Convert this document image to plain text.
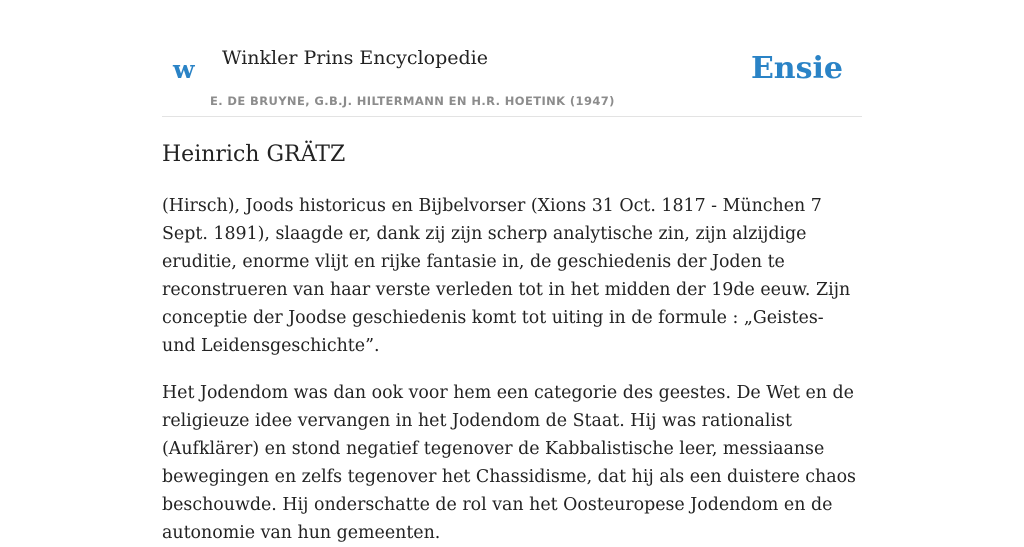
w Winkler Prins Encyclopedie
E. DE BRUYNE, G.B.J. HILTERMANN EN H.R. HOETINK (1947)
Ensie
Heinrich GRÄTZ

(Hirsch), Joods historicus en Bijbelvorser (Xions 31 Oct. 1817 - München 7 Sept. 1891), slaagde er, dank zij zijn scherp analytische zin, zijn alzijdige eruditie, enorme vlijt en rijke fantasie in, de geschiedenis der Joden te reconstrueren van haar verste verleden tot in het midden der 19de eeuw. Zijn conceptie der Joodse geschiedenis komt tot uiting in de formule : „Geistes- und Leidensgeschichte”.

Het Jodendom was dan ook voor hem een categorie des geestes. De Wet en de religieuze idee vervangen in het Jodendom de Staat. Hij was rationalist (Aufklärer) en stond negatief tegenover de Kabbalistische leer, messiaanse bewegingen en zelfs tegenover het Chassidisme, dat hij als een duistere chaos beschouwde. Hij onderschatte de rol van het Oosteuropese Jodendom en de autonomie van hun gemeenten.
